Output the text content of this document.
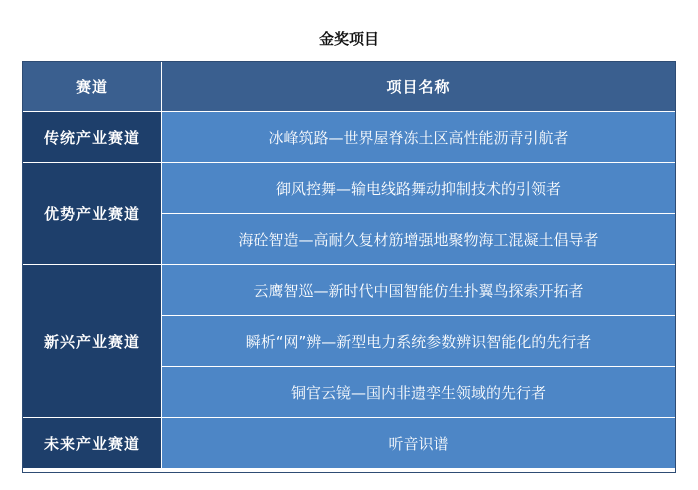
金奖项目
赛道	项目名称
传统产业赛道	冰峰筑路—世界屋脊冻土区高性能沥青引航者
优势产业赛道	御风控舞—输电线路舞动抑制技术的引领者
	海砼智造—高耐久复材筋增强地聚物海工混凝土倡导者
新兴产业赛道	云鹰智巡—新时代中国智能仿生扑翼鸟探索开拓者
	瞬析“网”辨—新型电力系统参数辨识智能化的先行者
	铜官云镜—国内非遗孪生领域的先行者
未来产业赛道	听音识谱
